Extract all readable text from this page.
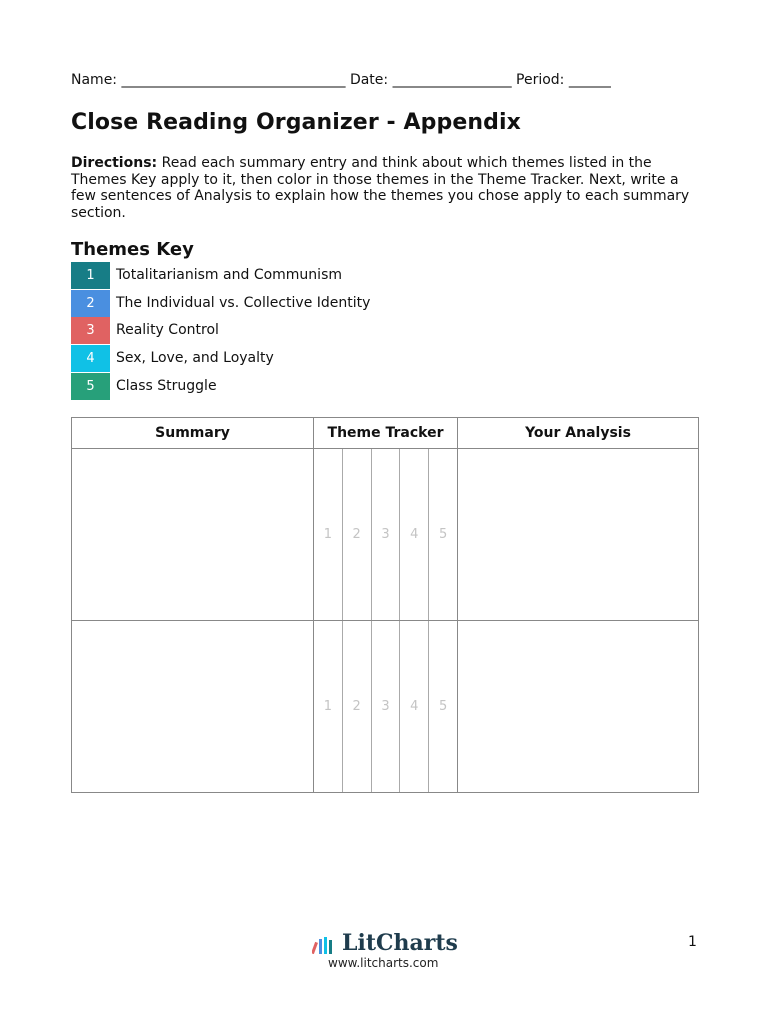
Name: ________________________________ Date: _________________ Period: ______
Close Reading Organizer - Appendix
Directions: Read each summary entry and think about which themes listed in the Themes Key apply to it, then color in those themes in the Theme Tracker. Next, write a few sentences of Analysis to explain how the themes you chose apply to each summary section.
Themes Key
1	Totalitarianism and Communism
2	The Individual vs. Collective Identity
3	Reality Control
4	Sex, Love, and Loyalty
5	Class Struggle
Summary	Theme Tracker	Your Analysis

1 2 3 4 5	

1 2 3 4 5	

LitCharts
www.litcharts.com
1
